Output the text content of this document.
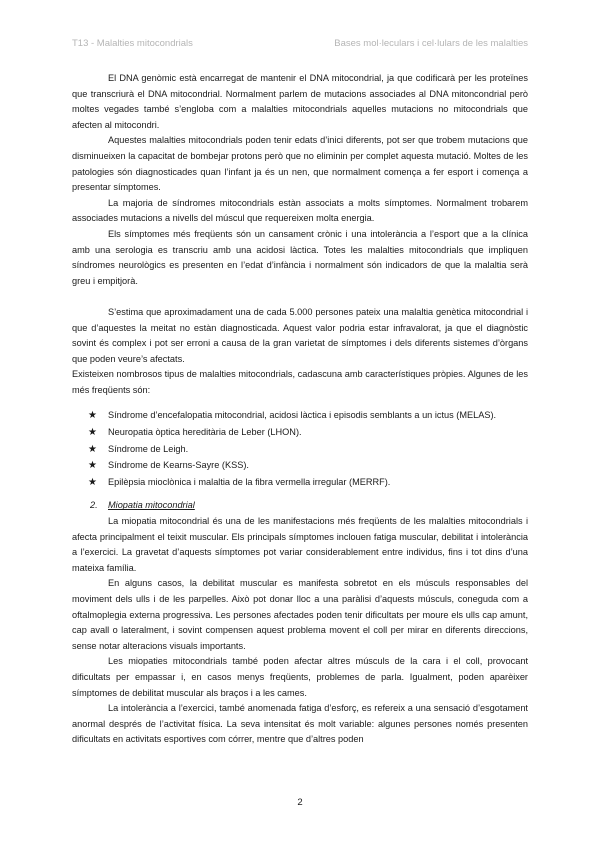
T13 - Malalties mitocondrials	Bases mol·leculars i cel·lulars de les malalties

El DNA genòmic està encarregat de mantenir el DNA mitocondrial, ja que codificarà per les proteïnes que transcriurà el DNA mitocondrial. Normalment parlem de mutacions associades al DNA mitoncondrial però moltes vegades també s’engloba com a malalties mitocondrials aquelles mutacions no mitocondrials que afecten al mitocondri.

Aquestes malalties mitocondrials poden tenir edats d’inici diferents, pot ser que trobem mutacions que disminueixen la capacitat de bombejar protons però que no eliminin per complet aquesta mutació. Moltes de les patologies són diagnosticades quan l’infant ja és un nen, que normalment comença a fer esport i comença a presentar símptomes.

La majoria de síndromes mitocondrials estàn associats a molts símptomes. Normalment trobarem associades mutacions a nivells del múscul que requereixen molta energia.

Els símptomes més freqüents són un cansament crònic i una intolerància a l’esport que a la clínica amb una serologia es transcriu amb una acidosi làctica. Totes les malalties mitocondrials que impliquen síndromes neurològics es presenten en l’edat d’infància i normalment són indicadors de que la malaltia serà greu i empitjorà.

S’estima que aproximadament una de cada 5.000 persones pateix una malaltia genètica mitocondrial i que d’aquestes la meitat no estàn diagnosticada. Aquest valor podria estar infravalorat, ja que el diagnòstic sovint és complex i pot ser erroni a causa de la gran varietat de símptomes i dels diferents sistemes d’òrgans que poden veure’s afectats.

Existeixen nombrosos tipus de malalties mitocondrials, cadascuna amb característiques pròpies. Algunes de les més freqüents són:

★ Síndrome d’encefalopatia mitocondrial, acidosi làctica i episodis semblants a un ictus (MELAS).
★ Neuropatia òptica hereditària de Leber (LHON).
★ Síndrome de Leigh.
★ Síndrome de Kearns-Sayre (KSS).
★ Epilèpsia mioclònica i malaltia de la fibra vermella irregular (MERRF).
2. Miopatia mitocondrial

La miopatia mitocondrial és una de les manifestacions més freqüents de les malalties mitocondrials i afecta principalment el teixit muscular. Els principals símptomes inclouen fatiga muscular, debilitat i intolerància a l’exercici. La gravetat d’aquests símptomes pot variar considerablement entre individus, fins i tot dins d’una mateixa família.

En alguns casos, la debilitat muscular es manifesta sobretot en els músculs responsables del moviment dels ulls i de les parpelles. Això pot donar lloc a una paràlisi d’aquests músculs, coneguda com a oftalmoplegia externa progressiva. Les persones afectades poden tenir dificultats per moure els ulls cap amunt, cap avall o lateralment, i sovint compensen aquest problema movent el coll per mirar en diferents direccions, sense notar alteracions visuals importants.

Les miopaties mitocondrials també poden afectar altres músculs de la cara i el coll, provocant dificultats per empassar i, en casos menys freqüents, problemes de parla. Igualment, poden aparèixer símptomes de debilitat muscular als braços i a les cames.

La intolerància a l’exercici, també anomenada fatiga d’esforç, es refereix a una sensació d’esgotament anormal després de l’activitat física. La seva intensitat és molt variable: algunes persones només presenten dificultats en activitats esportives com córrer, mentre que d’altres poden

2
